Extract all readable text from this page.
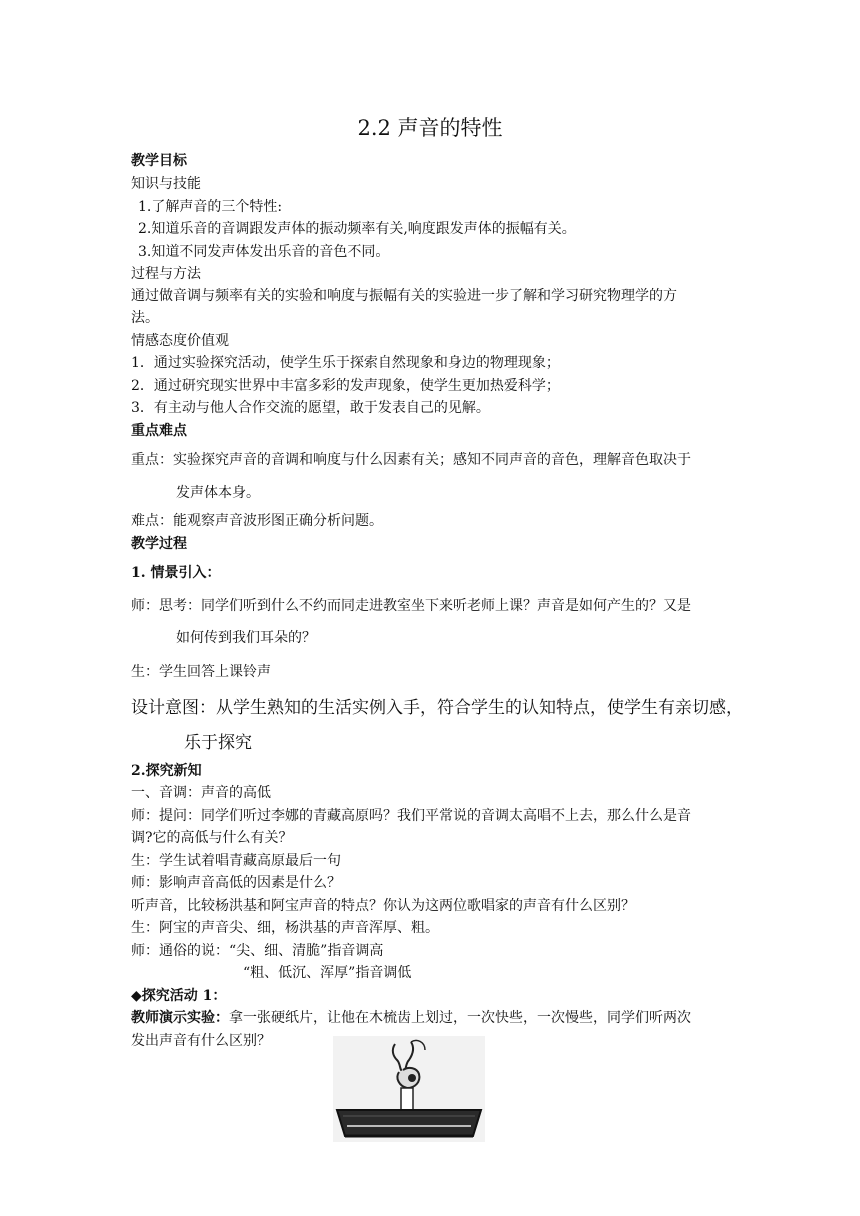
2.2 声音的特性
教学目标
知识与技能
1.了解声音的三个特性:
2.知道乐音的音调跟发声体的振动频率有关,响度跟发声体的振幅有关。
3.知道不同发声体发出乐音的音色不同。
过程与方法
通过做音调与频率有关的实验和响度与振幅有关的实验进一步了解和学习研究物理学的方
法。
情感态度价值观
1．通过实验探究活动，使学生乐于探索自然现象和身边的物理现象；
2．通过研究现实世界中丰富多彩的发声现象，使学生更加热爱科学；
3．有主动与他人合作交流的愿望，敢于发表自己的见解。
重点难点
重点：实验探究声音的音调和响度与什么因素有关；感知不同声音的音色，理解音色取决于
发声体本身。
难点：能观察声音波形图正确分析问题。
教学过程
1. 情景引入：
师：思考：同学们听到什么不约而同走进教室坐下来听老师上课？声音是如何产生的？又是
如何传到我们耳朵的？
生：学生回答上课铃声
设计意图：从学生熟知的生活实例入手，符合学生的认知特点，使学生有亲切感，
乐于探究
2.探究新知
一、音调：声音的高低
师：提问：同学们听过李娜的青藏高原吗？我们平常说的音调太高唱不上去，那么什么是音
调?它的高低与什么有关？
生：学生试着唱青藏高原最后一句
师：影响声音高低的因素是什么？
听声音，比较杨洪基和阿宝声音的特点？你认为这两位歌唱家的声音有什么区别？
生：阿宝的声音尖、细，杨洪基的声音浑厚、粗。
师：通俗的说：“尖、细、清脆”指音调高
“粗、低沉、浑厚”指音调低
◆探究活动 1：
教师演示实验：拿一张硬纸片，让他在木梳齿上划过，一次快些，一次慢些，同学们听两次
发出声音有什么区别？
